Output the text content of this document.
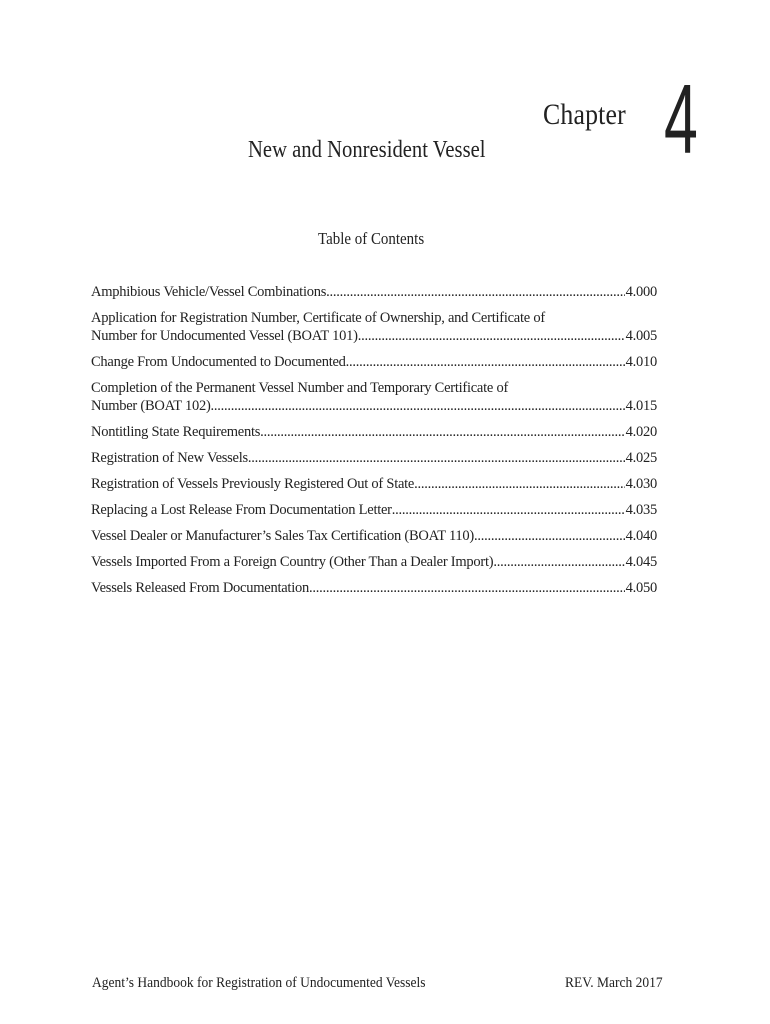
Chapter 4
New and Nonresident Vessel
Table of Contents
Amphibious Vehicle/Vessel Combinations .....	4.000
Application for Registration Number, Certificate of Ownership, and Certificate of
Number for Undocumented Vessel (BOAT 101) .....	4.005
Change From Undocumented to Documented .....	4.010
Completion of the Permanent Vessel Number and Temporary Certificate of
Number (BOAT 102) .....	4.015
Nontitling State Requirements .....	4.020
Registration of New Vessels .....	4.025
Registration of Vessels Previously Registered Out of State .....	4.030
Replacing a Lost Release From Documentation Letter .....	4.035
Vessel Dealer or Manufacturer’s Sales Tax Certification (BOAT 110) .....	4.040
Vessels Imported From a Foreign Country (Other Than a Dealer Import) .....	4.045
Vessels Released From Documentation .....	4.050
Agent’s Handbook for Registration of Undocumented Vessels	REV. March 2017
